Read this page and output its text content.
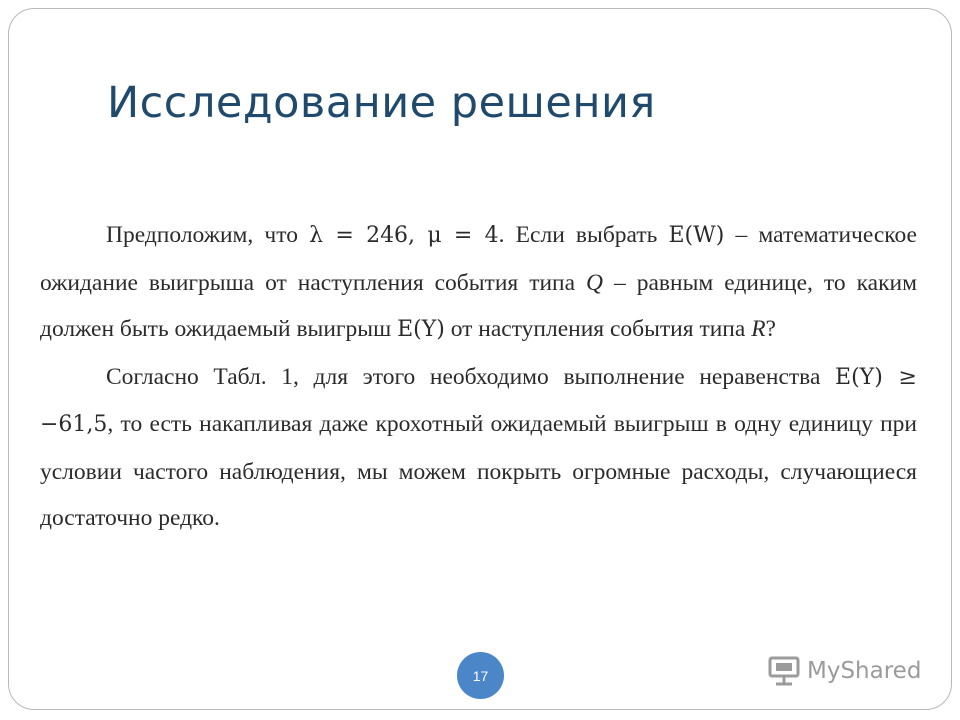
Исследование решения

Предположим, что λ = 246, μ = 4. Если выбрать E(W) – математическое ожидание выигрыша от наступления события типа Q – равным единице, то каким должен быть ожидаемый выигрыш E(Y) от наступления события типа R?

Согласно Табл. 1, для этого необходимо выполнение неравенства E(Y) ≥ −61,5, то есть накапливая даже крохотный ожидаемый выигрыш в одну единицу при условии частого наблюдения, мы можем покрыть огромные расходы, случающиеся достаточно редко.

17	MyShared
